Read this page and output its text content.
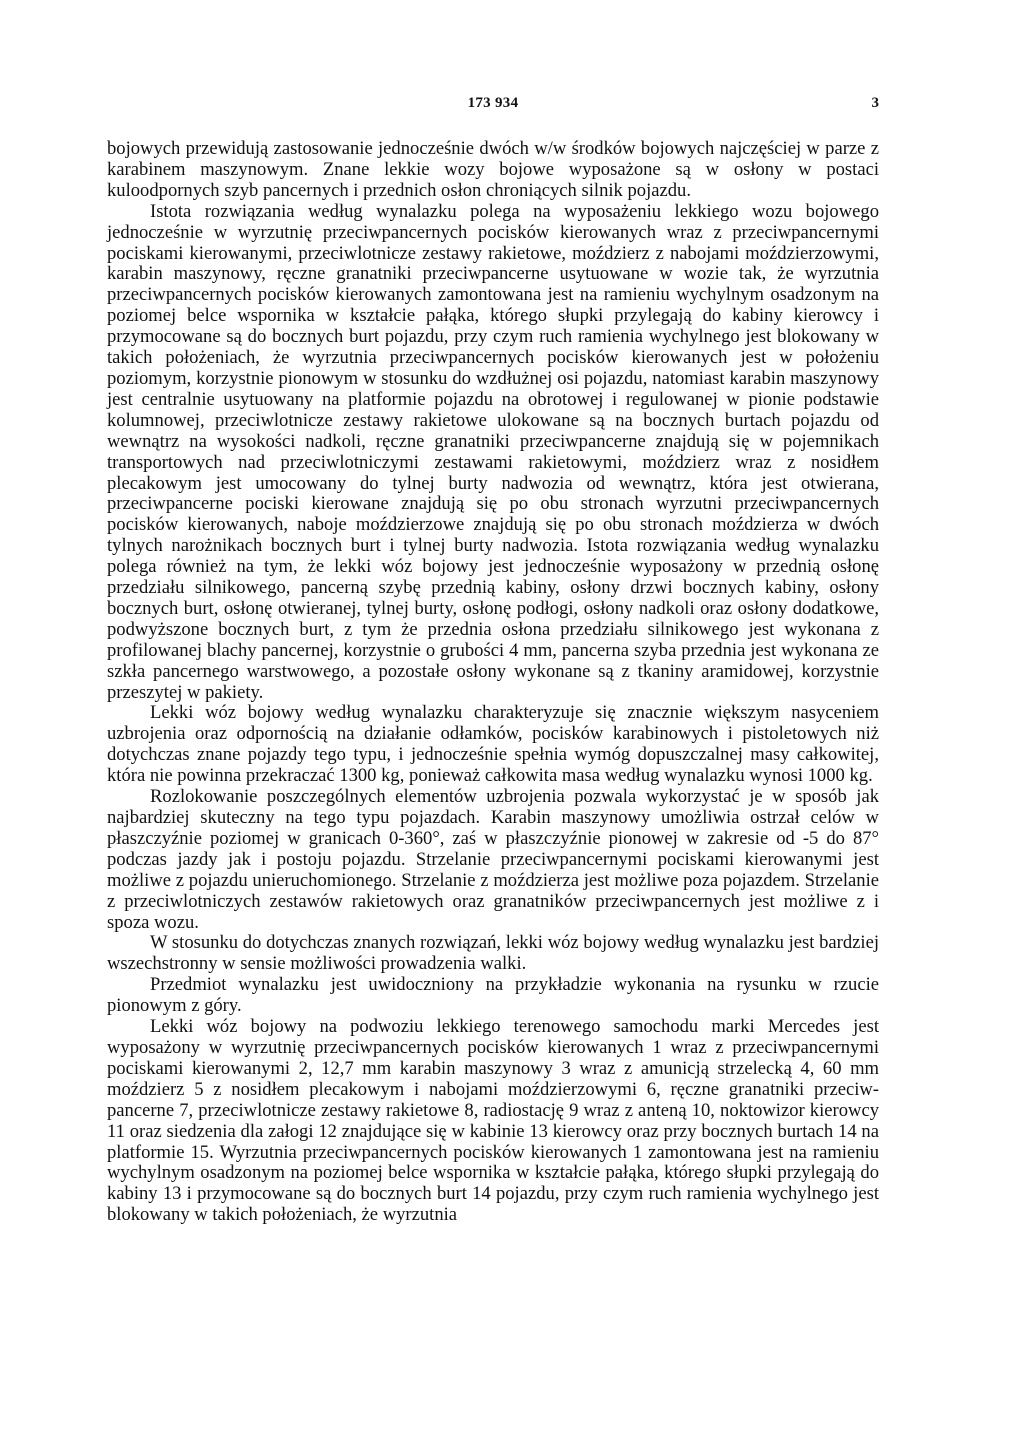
173 934	3

bojowych przewidują zastosowanie jednocześnie dwóch w/w środków bojowych najczęściej w parze z karabinem maszynowym. Znane lekkie wozy bojowe wyposażone są w osłony w postaci kuloodpornych szyb pancernych i przednich osłon chroniących silnik pojazdu.

Istota rozwiązania według wynalazku polega na wyposażeniu lekkiego wozu bojowego jednocześnie w wyrzutnię przeciwpancernych pocisków kierowanych wraz z przeciwpancernymi pociskami kierowanymi, przeciwlotnicze zestawy rakietowe, moździerz z nabojami moździerzowymi, karabin maszynowy, ręczne granatniki przeciwpancerne usytuowane w wozie tak, że wyrzutnia przeciwpancernych pocisków kierowanych zamontowana jest na ramieniu wychylnym osadzonym na poziomej belce wspornika w kształcie pałąka, którego słupki przylegają do kabiny kierowcy i przymocowane są do bocznych burt pojazdu, przy czym ruch ramienia wychylnego jest blokowany w takich położeniach, że wyrzutnia przeciwpancernych pocisków kierowanych jest w położeniu poziomym, korzystnie pionowym w stosunku do wzdłużnej osi pojazdu, natomiast karabin maszynowy jest centralnie usytuowany na platformie pojazdu na obrotowej i regulowanej w pionie podstawie kolumnowej, przeciwlotnicze zestawy rakietowe ulokowane są na bocznych burtach pojazdu od wewnątrz na wysokości nadkoli, ręczne granatniki przeciwpancerne znajdują się w pojemnikach transportowych nad przeciwlotniczymi zestawami rakietowymi, moździerz wraz z nosidłem plecakowym jest umocowany do tylnej burty nadwozia od wewnątrz, która jest otwierana, przeciwpancerne pociski kierowane znajdują się po obu stronach wyrzutni przeciwpancernych pocisków kierowanych, naboje moździerzowe znajdują się po obu stronach moździerza w dwóch tylnych narożnikach bocznych burt i tylnej burty nadwozia. Istota rozwiązania według wynalazku polega również na tym, że lekki wóz bojowy jest jednocześnie wyposażony w przednią osłonę przedziału silnikowego, pancerną szybę przednią kabiny, osłony drzwi bocznych kabiny, osłony bocznych burt, osłonę otwieranej, tylnej burty, osłonę podłogi, osłony nadkoli oraz osłony dodatkowe, podwyższone bocznych burt, z tym że przednia osłona przedziału silnikowego jest wykonana z profilowanej blachy pancernej, korzystnie o grubości 4 mm, pancerna szyba przednia jest wykonana ze szkła pancernego warstwowego, a pozostałe osłony wykonane są z tkaniny aramidowej, korzystnie przeszytej w pakiety.

Lekki wóz bojowy według wynalazku charakteryzuje się znacznie większym nasyceniem uzbrojenia oraz odpornością na działanie odłamków, pocisków karabinowych i pistoletowych niż dotychczas znane pojazdy tego typu, i jednocześnie spełnia wymóg dopuszczalnej masy całkowitej, która nie powinna przekraczać 1300 kg, ponieważ całkowita masa według wynalazku wynosi 1000 kg.

Rozlokowanie poszczególnych elementów uzbrojenia pozwala wykorzystać je w sposób jak najbardziej skuteczny na tego typu pojazdach. Karabin maszynowy umożliwia ostrzał celów w płaszczyźnie poziomej w granicach 0-360°, zaś w płaszczyźnie pionowej w zakresie od -5 do 87° podczas jazdy jak i postoju pojazdu. Strzelanie przeciwpancernymi pociskami kierowanymi jest możliwe z pojazdu unieruchomionego. Strzelanie z moździerza jest możliwe poza pojazdem. Strzelanie z przeciwlotniczych zestawów rakietowych oraz granatników przeciwpancernych jest możliwe z i spoza wozu.

W stosunku do dotychczas znanych rozwiązań, lekki wóz bojowy według wynalazku jest bardziej wszechstronny w sensie możliwości prowadzenia walki.

Przedmiot wynalazku jest uwidoczniony na przykładzie wykonania na rysunku w rzucie pionowym z góry.

Lekki wóz bojowy na podwoziu lekkiego terenowego samochodu marki Mercedes jest wyposażony w wyrzutnię przeciwpancernych pocisków kierowanych 1 wraz z przeciwpancernymi pociskami kierowanymi 2, 12,7 mm karabin maszynowy 3 wraz z amunicją strzelecką 4, 60 mm moździerz 5 z nosidłem plecakowym i nabojami moździerzowymi 6, ręczne granatniki przeciwpancerne 7, przeciwlotnicze zestawy rakietowe 8, radiostację 9 wraz z anteną 10, noktowizor kierowcy 11 oraz siedzenia dla załogi 12 znajdujące się w kabinie 13 kierowcy oraz przy bocznych burtach 14 na platformie 15. Wyrzutnia przeciwpancernych pocisków kierowanych 1 zamontowana jest na ramieniu wychylnym osadzonym na poziomej belce wspornika w kształcie pałąka, którego słupki przylegają do kabiny 13 i przymocowane są do bocznych burt 14 pojazdu, przy czym ruch ramienia wychylnego jest blokowany w takich położeniach, że wyrzutnia
